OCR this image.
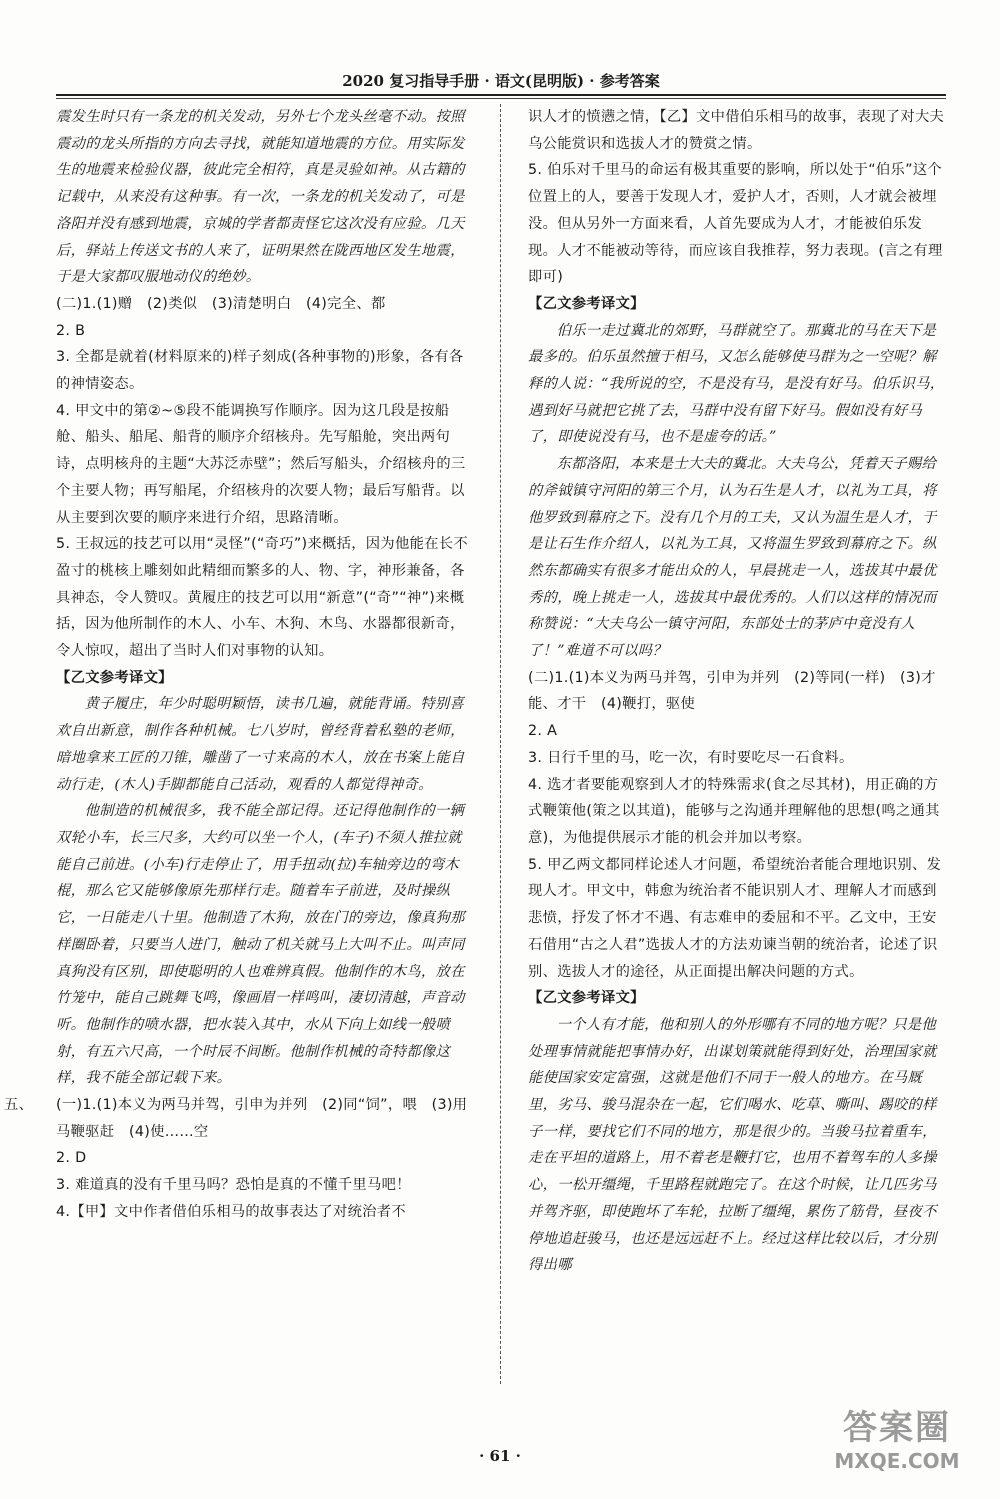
2020 复习指导手册 · 语文(昆明版) · 参考答案

震发生时只有一条龙的机关发动，另外七个龙头丝毫不动。按照震动的龙头所指的方向去寻找，就能知道地震的方位。用实际发生的地震来检验仪器，彼此完全相符，真是灵验如神。从古籍的记载中，从来没有这种事。有一次，一条龙的机关发动了，可是洛阳并没有感到地震，京城的学者都责怪它这次没有应验。几天后，驿站上传送文书的人来了，证明果然在陇西地区发生地震，于是大家都叹服地动仪的绝妙。

(二)1.(1)赠　(2)类似　(3)清楚明白　(4)完全、都

2. B

3. 全都是就着(材料原来的)样子刻成(各种事物的)形象，各有各的神情姿态。

4. 甲文中的第②~⑤段不能调换写作顺序。因为这几段是按船舱、船头、船尾、船背的顺序介绍核舟。先写船舱，突出两句诗，点明核舟的主题“大苏泛赤壁”；然后写船头，介绍核舟的三个主要人物；再写船尾，介绍核舟的次要人物；最后写船背。以从主要到次要的顺序来进行介绍，思路清晰。

5. 王叔远的技艺可以用“灵怪”(“奇巧”)来概括，因为他能在长不盈寸的桃核上雕刻如此精细而繁多的人、物、字，神形兼备，各具神态，令人赞叹。黄履庄的技艺可以用“新意”(“奇”“神”)来概括，因为他所制作的木人、小车、木狗、木鸟、水器都很新奇，令人惊叹，超出了当时人们对事物的认知。

【乙文参考译文】

黄子履庄，年少时聪明颖悟，读书几遍，就能背诵。特别喜欢自出新意，制作各种机械。七八岁时，曾经背着私塾的老师，暗地拿来工匠的刀锥，雕凿了一寸来高的木人，放在书案上能自动行走，(木人)手脚都能自己活动，观看的人都觉得神奇。

他制造的机械很多，我不能全部记得。还记得他制作的一辆双轮小车，长三尺多，大约可以坐一个人，(车子)不须人推拉就能自己前进。(小车)行走停止了，用手扭动(拉)车轴旁边的弯木棍，那么它又能够像原先那样行走。随着车子前进，及时操纵它，一日能走八十里。他制造了木狗，放在门的旁边，像真狗那样圈卧着，只要当人进门，触动了机关就马上大叫不止。叫声同真狗没有区别，即使聪明的人也难辨真假。他制作的木鸟，放在竹笼中，能自己跳舞飞鸣，像画眉一样鸣叫，凄切清越，声音动听。他制作的喷水器，把水装入其中，水从下向上如线一般喷射，有五六尺高，一个时辰不间断。他制作机械的奇特都像这样，我不能全部记载下来。

五、 (一)1.(1)本义为两马并驾，引申为并列　(2)同“饲”，喂　(3)用马鞭驱赶　(4)使……空

2. D

3. 难道真的没有千里马吗？恐怕是真的不懂千里马吧！

4.【甲】文中作者借伯乐相马的故事表达了对统治者不

识人才的愤懑之情，【乙】文中借伯乐相马的故事，表现了对大夫乌公能赏识和选拔人才的赞赏之情。

5. 伯乐对千里马的命运有极其重要的影响，所以处于“伯乐”这个位置上的人，要善于发现人才，爱护人才，否则，人才就会被埋没。但从另外一方面来看，人首先要成为人才，才能被伯乐发现。人才不能被动等待，而应该自我推荐，努力表现。(言之有理即可)

【乙文参考译文】

伯乐一走过冀北的郊野，马群就空了。那冀北的马在天下是最多的。伯乐虽然擅于相马，又怎么能够使马群为之一空呢？解释的人说：“我所说的空，不是没有马，是没有好马。伯乐识马，遇到好马就把它挑了去，马群中没有留下好马。假如没有好马了，即使说没有马，也不是虚夸的话。”

东都洛阳，本来是士大夫的冀北。大夫乌公，凭着天子赐给的斧钺镇守河阳的第三个月，认为石生是人才，以礼为工具，将他罗致到幕府之下。没有几个月的工夫，又认为温生是人才，于是让石生作介绍人，以礼为工具，又将温生罗致到幕府之下。纵然东都确实有很多才能出众的人，早晨挑走一人，选拔其中最优秀的，晚上挑走一人，选拔其中最优秀的。人们以这样的情况而称赞说：“大夫乌公一镇守河阳，东部处士的茅庐中竟没有人了！”难道不可以吗？

(二)1.(1)本义为两马并驾，引申为并列　(2)等同(一样)　(3)才能、才干　(4)鞭打，驱使

2. A

3. 日行千里的马，吃一次，有时要吃尽一石食料。

4. 选才者要能观察到人才的特殊需求(食之尽其材)，用正确的方式鞭策他(策之以其道)，能够与之沟通并理解他的思想(鸣之通其意)，为他提供展示才能的机会并加以考察。

5. 甲乙两文都同样论述人才问题，希望统治者能合理地识别、发现人才。甲文中，韩愈为统治者不能识别人才、理解人才而感到悲愤，抒发了怀才不遇、有志难申的委屈和不平。乙文中，王安石借用“古之人君”选拔人才的方法劝谏当朝的统治者，论述了识别、选拔人才的途径，从正面提出解决问题的方式。

【乙文参考译文】

一个人有才能，他和别人的外形哪有不同的地方呢？只是他处理事情就能把事情办好，出谋划策就能得到好处，治理国家就能使国家安定富强，这就是他们不同于一般人的地方。在马厩里，劣马、骏马混杂在一起，它们喝水、吃草、嘶叫、踢咬的样子一样，要找它们不同的地方，那是很少的。当骏马拉着重车，走在平坦的道路上，用不着老是鞭打它，也用不着驾车的人多操心，一松开缰绳，千里路程就跑完了。在这个时候，让几匹劣马并驾齐驱，即使跑坏了车轮，拉断了缰绳，累伤了筋骨，昼夜不停地追赶骏马，也还是远远赶不上。经过这样比较以后，才分别得出哪

· 61 ·
答案圈
MXQE.COM
